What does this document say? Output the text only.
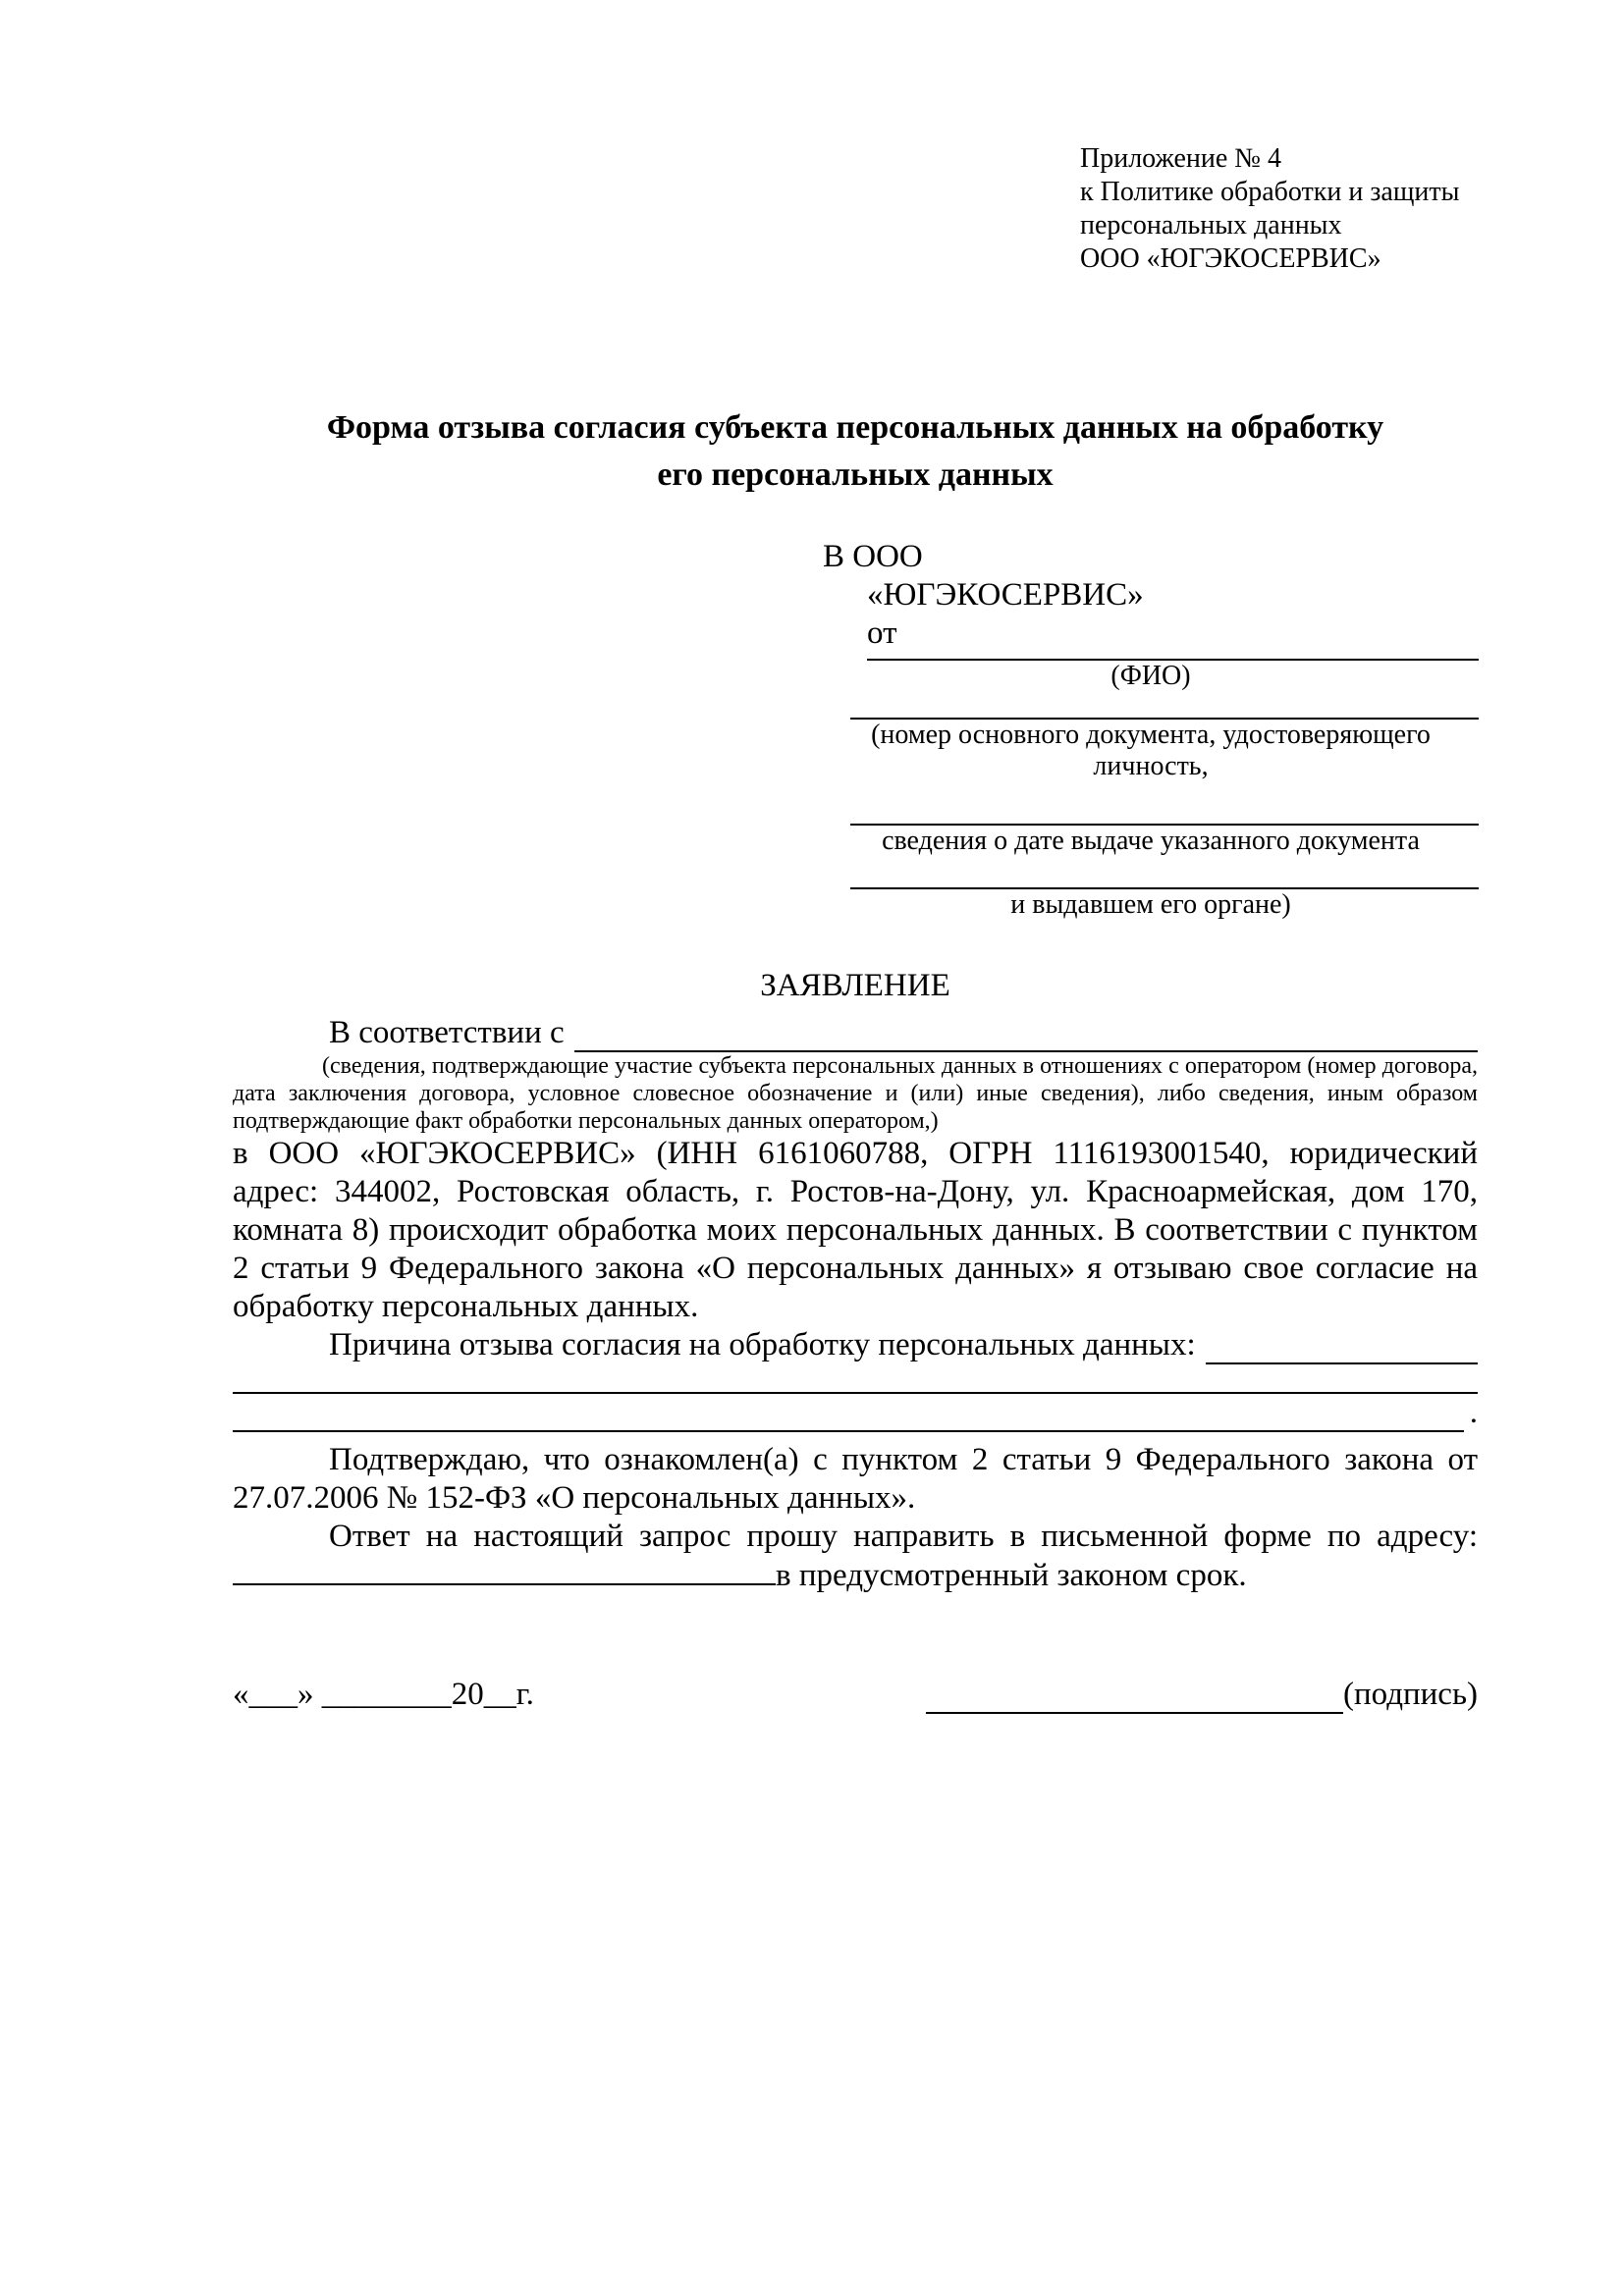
Приложение № 4
к Политике обработки и защиты
персональных данных
ООО «ЮГЭКОСЕРВИС»
Форма отзыва согласия субъекта персональных данных на обработку
его персональных данных
В ООО
«ЮГЭКОСЕРВИС»
от
(ФИО)
(номер основного документа, удостоверяющего личность,
сведения о дате выдаче указанного документа
и выдавшем его органе)
ЗАЯВЛЕНИЕ
В соответствии с

(сведения, подтверждающие участие субъекта персональных данных в отношениях с оператором (номер договора, дата заключения договора, условное словесное обозначение и (или) иные сведения), либо сведения, иным образом подтверждающие факт обработки персональных данных оператором,)

в ООО «ЮГЭКОСЕРВИС» (ИНН 6161060788, ОГРН 1116193001540, юридический адрес: 344002, Ростовская область, г. Ростов-на-Дону, ул. Красноармейская, дом 170, комната 8) происходит обработка моих персональных данных. В соответствии с пунктом 2 статьи 9 Федерального закона «О персональных данных» я отзываю свое согласие на обработку персональных данных.

Причина отзыва согласия на обработку персональных данных:
.

Подтверждаю, что ознакомлен(а) с пунктом 2 статьи 9 Федерального закона от 27.07.2006 № 152-ФЗ «О персональных данных».

Ответ на настоящий запрос прошу направить в письменной форме по адресу: в предусмотренный законом срок.

«___» ________20__г.	(подпись)
